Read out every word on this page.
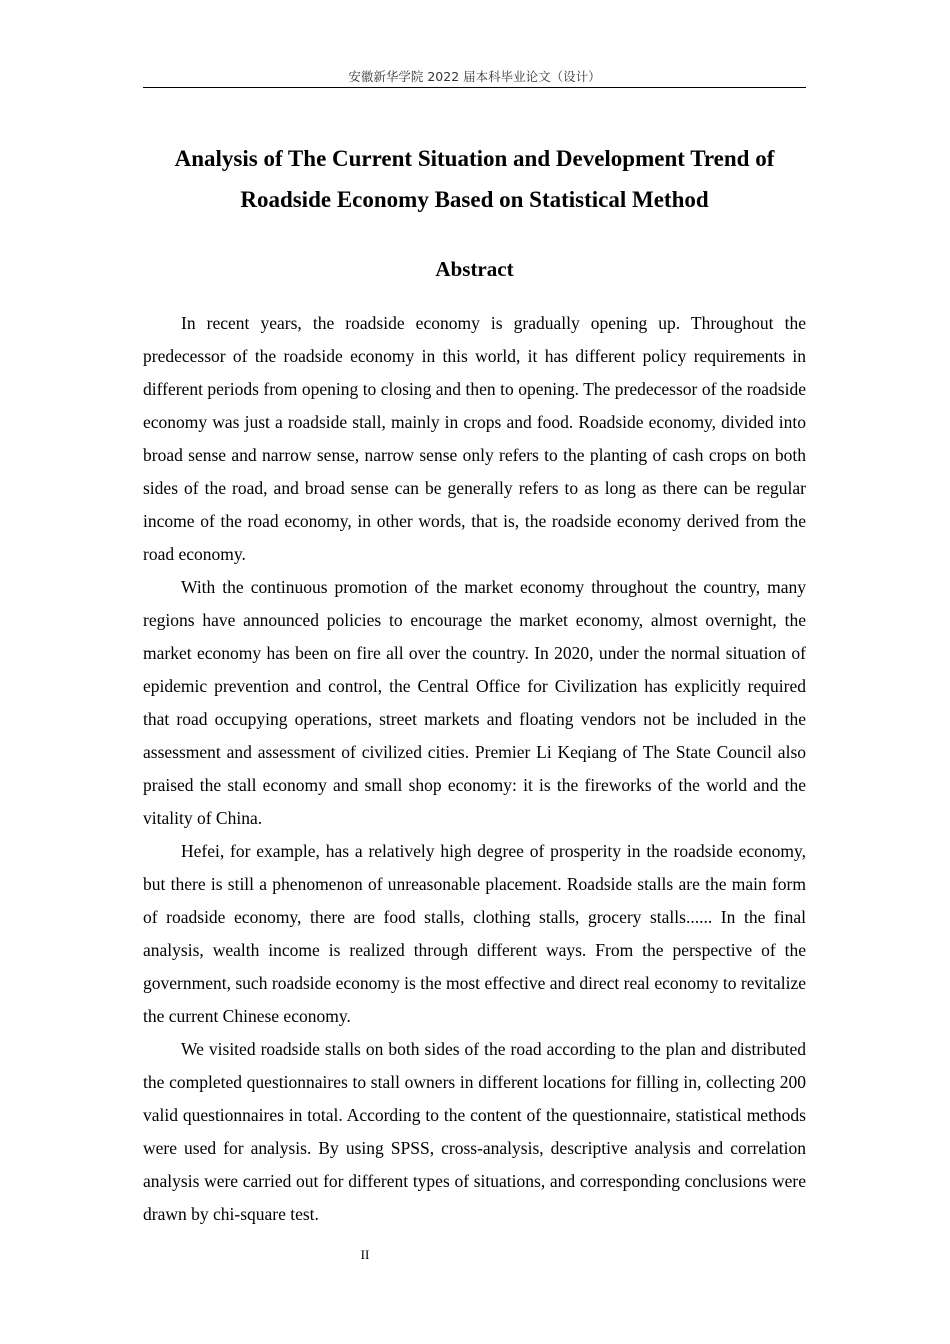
安徽新华学院 2022 届本科毕业论文（设计）
Analysis of The Current Situation and Development Trend of
Roadside Economy Based on Statistical Method
Abstract

In recent years, the roadside economy is gradually opening up. Throughout the predecessor of the roadside economy in this world, it has different policy requirements in different periods from opening to closing and then to opening. The predecessor of the roadside economy was just a roadside stall, mainly in crops and food. Roadside economy, divided into broad sense and narrow sense, narrow sense only refers to the planting of cash crops on both sides of the road, and broad sense can be generally refers to as long as there can be regular income of the road economy, in other words, that is, the roadside economy derived from the road economy.

With the continuous promotion of the market economy throughout the country, many regions have announced policies to encourage the market economy, almost overnight, the market economy has been on fire all over the country. In 2020, under the normal situation of epidemic prevention and control, the Central Office for Civilization has explicitly required that road occupying operations, street markets and floating vendors not be included in the assessment and assessment of civilized cities. Premier Li Keqiang of The State Council also praised the stall economy and small shop economy: it is the fireworks of the world and the vitality of China.

Hefei, for example, has a relatively high degree of prosperity in the roadside economy, but there is still a phenomenon of unreasonable placement. Roadside stalls are the main form of roadside economy, there are food stalls, clothing stalls, grocery stalls...... In the final analysis, wealth income is realized through different ways. From the perspective of the government, such roadside economy is the most effective and direct real economy to revitalize the current Chinese economy.

We visited roadside stalls on both sides of the road according to the plan and distributed the completed questionnaires to stall owners in different locations for filling in, collecting 200 valid questionnaires in total. According to the content of the questionnaire, statistical methods were used for analysis. By using SPSS, cross-analysis, descriptive analysis and correlation analysis were carried out for different types of situations, and corresponding conclusions were drawn by chi-square test.

II
